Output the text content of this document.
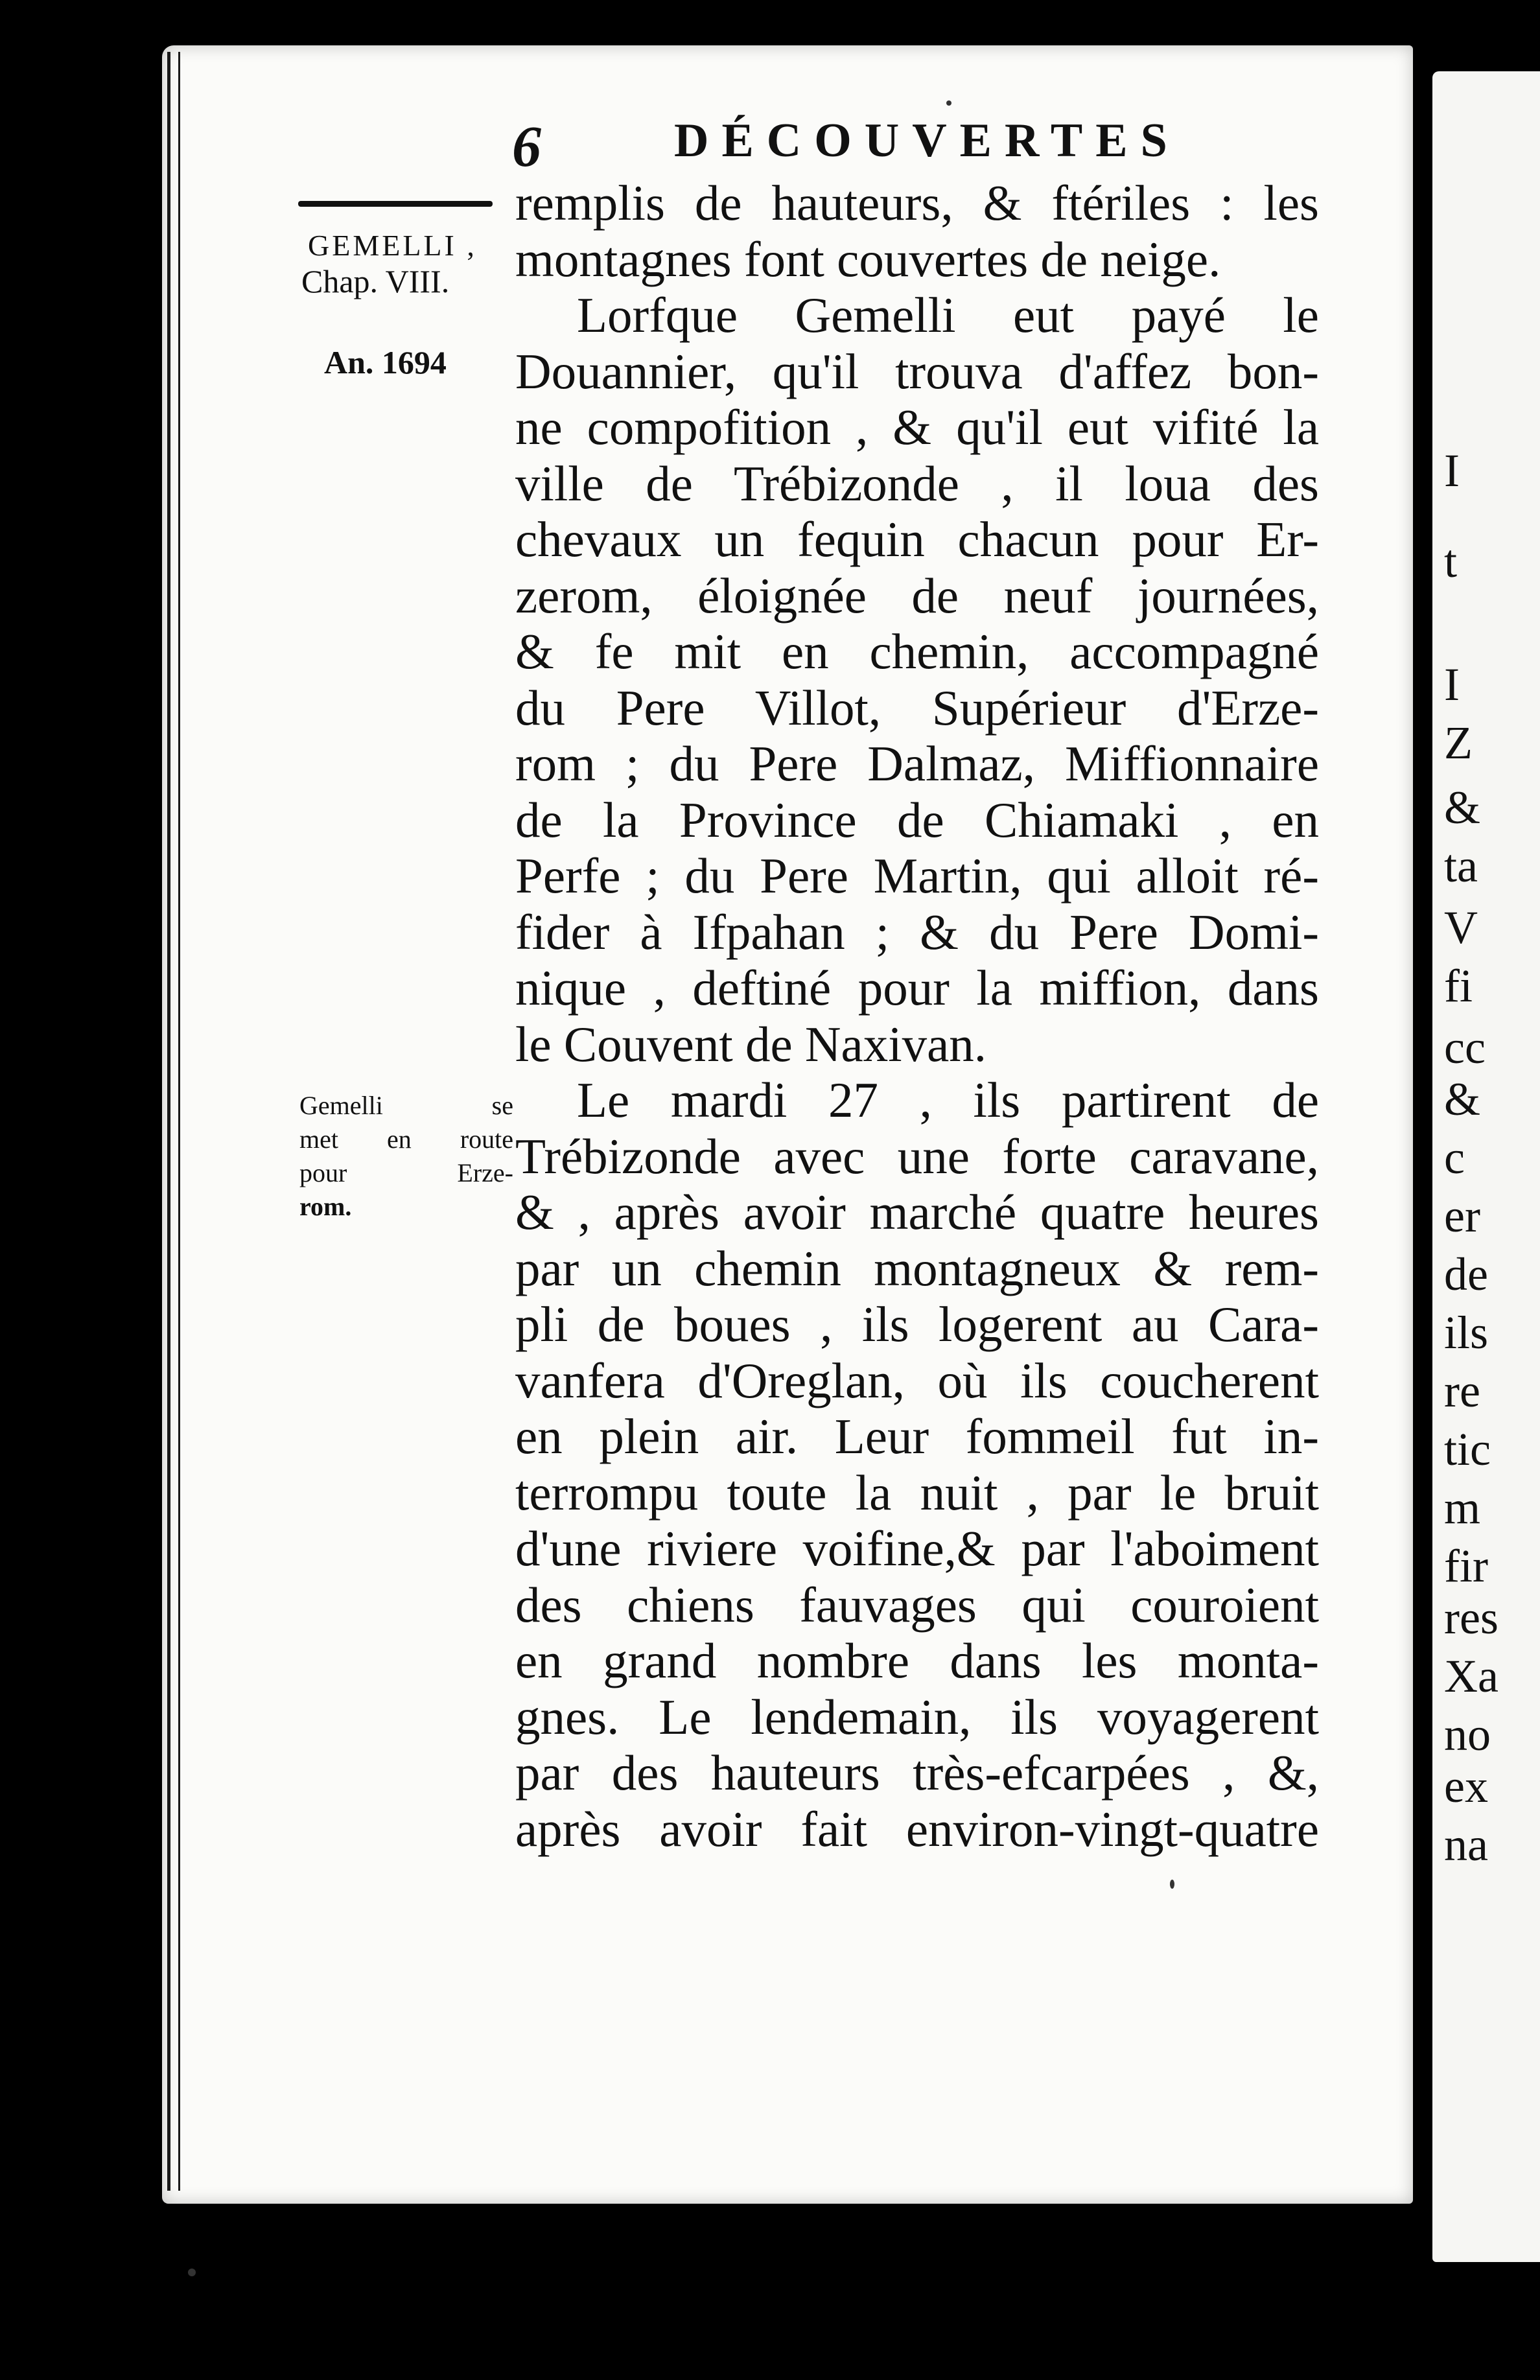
6	DÉCOUVERTES
GEMELLI ,
Chap. VIII.
An. 1694
Gemelli se
met en route
pour Erze-
rom.
remplis de hauteurs, & ftériles : les
montagnes font couvertes de neige.
Lorfque Gemelli eut payé le
Douannier, qu'il trouva d'affez bon-
ne compofition , & qu'il eut vifité la
ville de Trébizonde , il loua des
chevaux un fequin chacun pour Er-
zerom, éloignée de neuf journées,
& fe mit en chemin, accompagné
du Pere Villot, Supérieur d'Erze-
rom ; du Pere Dalmaz, Miffionnaire
de la Province de Chiamaki , en
Perfe ; du Pere Martin, qui alloit ré-
fider à Ifpahan ; & du Pere Domi-
nique , deftiné pour la miffion, dans
le Couvent de Naxivan.
Le mardi 27 , ils partirent de
Trébizonde avec une forte caravane,
& , après avoir marché quatre heures
par un chemin montagneux & rem-
pli de boues , ils logerent au Cara-
vanfera d'Oreglan, où ils coucherent
en plein air. Leur fommeil fut in-
terrompu toute la nuit , par le bruit
d'une riviere voifine,& par l'aboiment
des chiens fauvages qui couroient
en grand nombre dans les monta-
gnes. Le lendemain, ils voyagerent
par des hauteurs très-efcarpées , &,
après avoir fait environ-vingt-quatre
I
t
I
Z
&
ta
V
fi
cc
&
c
er
de
ils
re
tic
m
fir
res
Xa
no
ex
na
